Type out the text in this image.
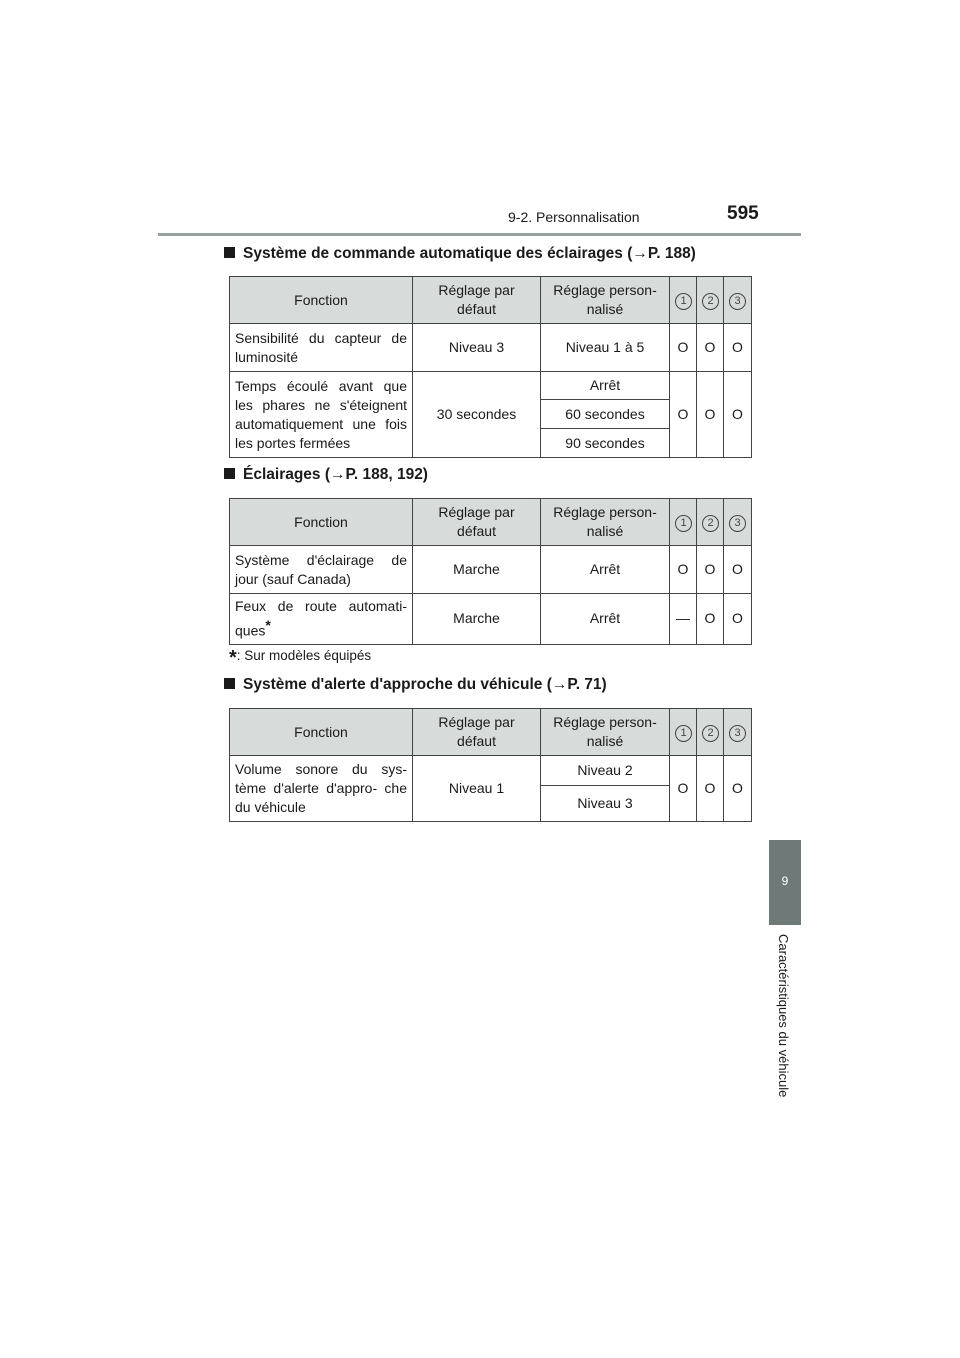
9-2. Personnalisation	595
9
Caractéristiques du véhicule
Système de commande automatique des éclairages (→P. 188)
Fonction	Réglage par défaut	Réglage person- nalisé	1	2	3
Sensibilité du capteur de luminosité	Niveau 3	Niveau 1 à 5	O	O	O
Temps écoulé avant que les phares ne s'éteignent automatiquement une fois les portes fermées	30 secondes	Arrêt	O	O	O
		60 secondes			
		90 secondes			
Éclairages (→P. 188, 192)
Fonction	Réglage par défaut	Réglage person- nalisé	1	2	3
Système d'éclairage de jour (sauf Canada)	Marche	Arrêt	O	O	O
Feux de route automati- ques*	Marche	Arrêt	—	O	O
*: Sur modèles équipés
Système d'alerte d'approche du véhicule (→P. 71)
Fonction	Réglage par défaut	Réglage person- nalisé	1	2	3
Volume sonore du sys- tème d'alerte d'appro- che du véhicule	Niveau 1	Niveau 2	O	O	O
		Niveau 3			
